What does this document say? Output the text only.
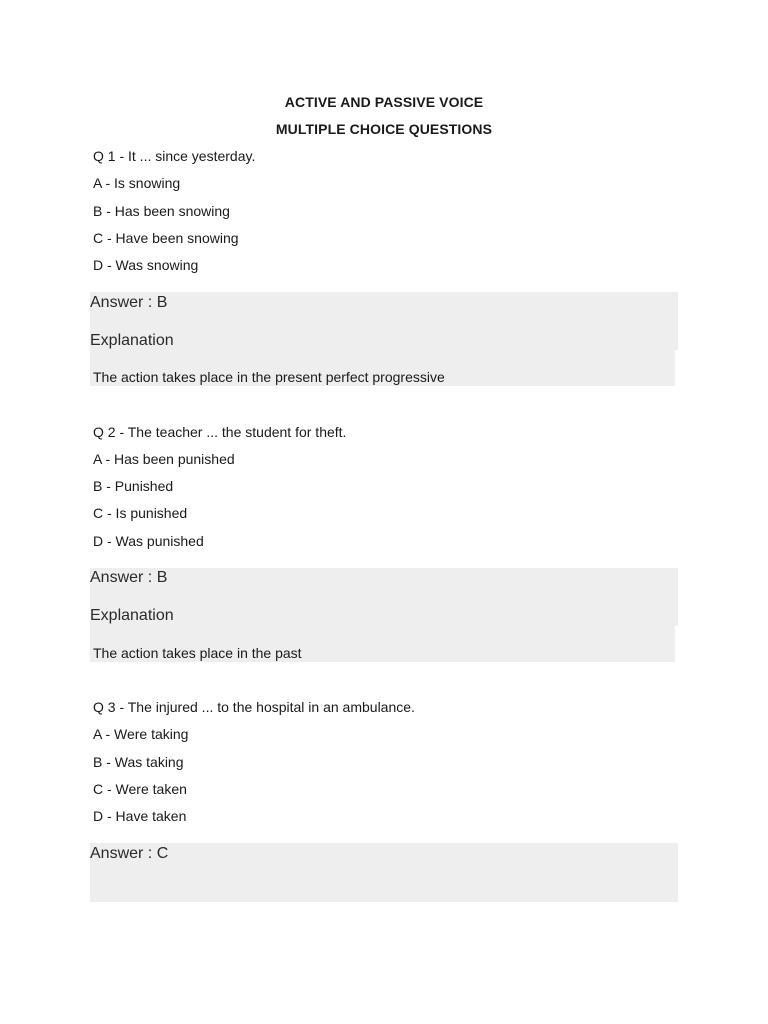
ACTIVE AND PASSIVE VOICE
MULTIPLE CHOICE QUESTIONS
Q 1 - It ... since yesterday.
A - Is snowing
B - Has been snowing
C - Have been snowing
D - Was snowing
Answer : B
Explanation
The action takes place in the present perfect progressive
Q 2 - The teacher ... the student for theft.
A - Has been punished
B - Punished
C - Is punished
D - Was punished
Answer : B
Explanation
The action takes place in the past
Q 3 - The injured ... to the hospital in an ambulance.
A - Were taking
B - Was taking
C - Were taken
D - Have taken
Answer : C
